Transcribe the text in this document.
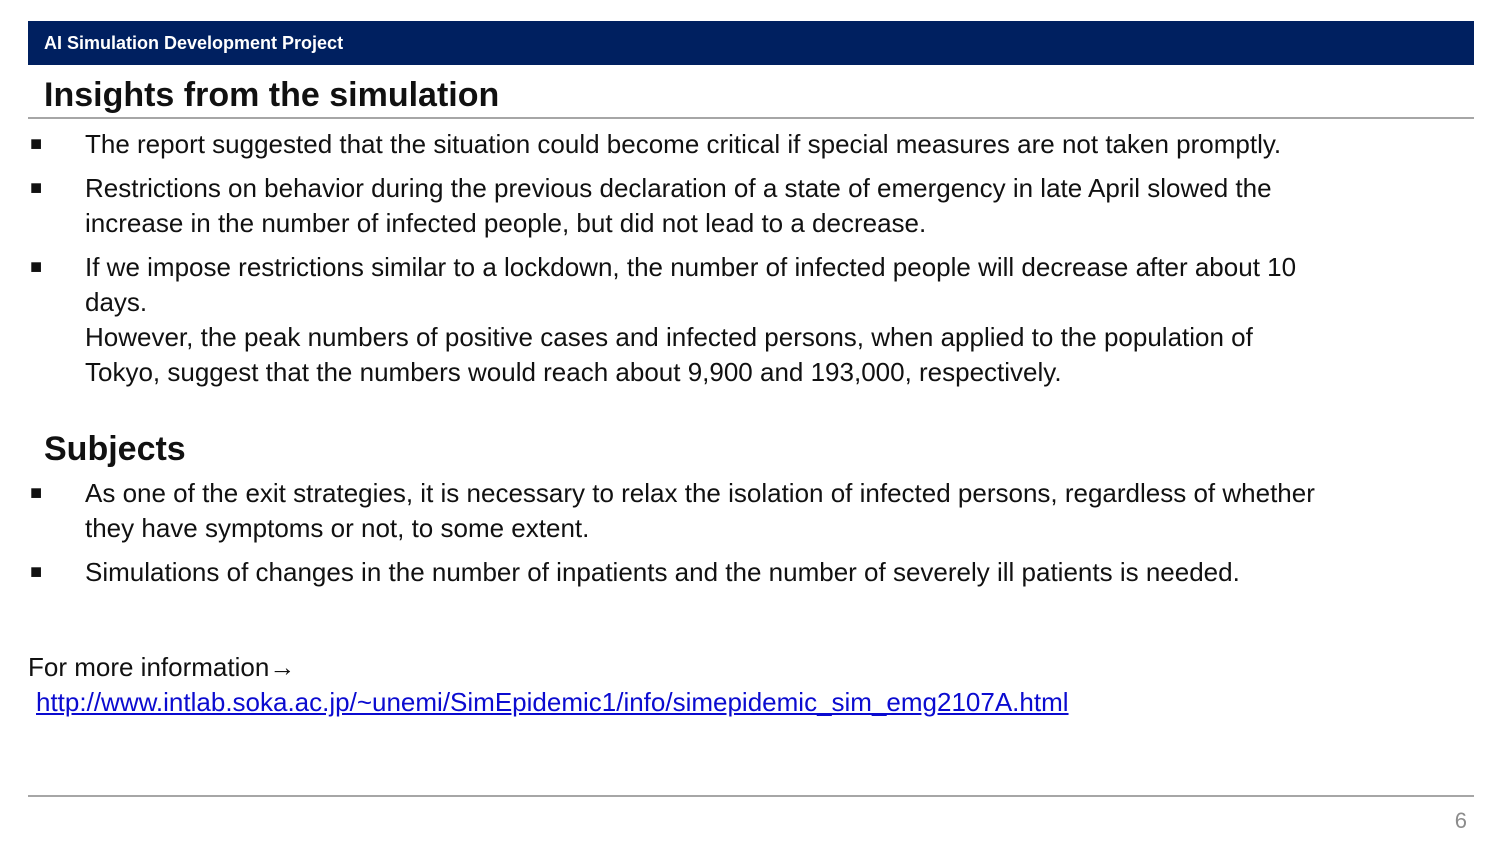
AI Simulation Development Project
Insights from the simulation
■ The report suggested that the situation could become critical if special measures are not taken promptly.
■ Restrictions on behavior during the previous declaration of a state of emergency in late April slowed the
increase in the number of infected people, but did not lead to a decrease.
■ If we impose restrictions similar to a lockdown, the number of infected people will decrease after about 10
days.
However, the peak numbers of positive cases and infected persons, when applied to the population of
Tokyo, suggest that the numbers would reach about 9,900 and 193,000, respectively.
Subjects
■ As one of the exit strategies, it is necessary to relax the isolation of infected persons, regardless of whether
they have symptoms or not, to some extent.
■ Simulations of changes in the number of inpatients and the number of severely ill patients is needed.
For more information→
http://www.intlab.soka.ac.jp/~unemi/SimEpidemic1/info/simepidemic_sim_emg2107A.html
6
